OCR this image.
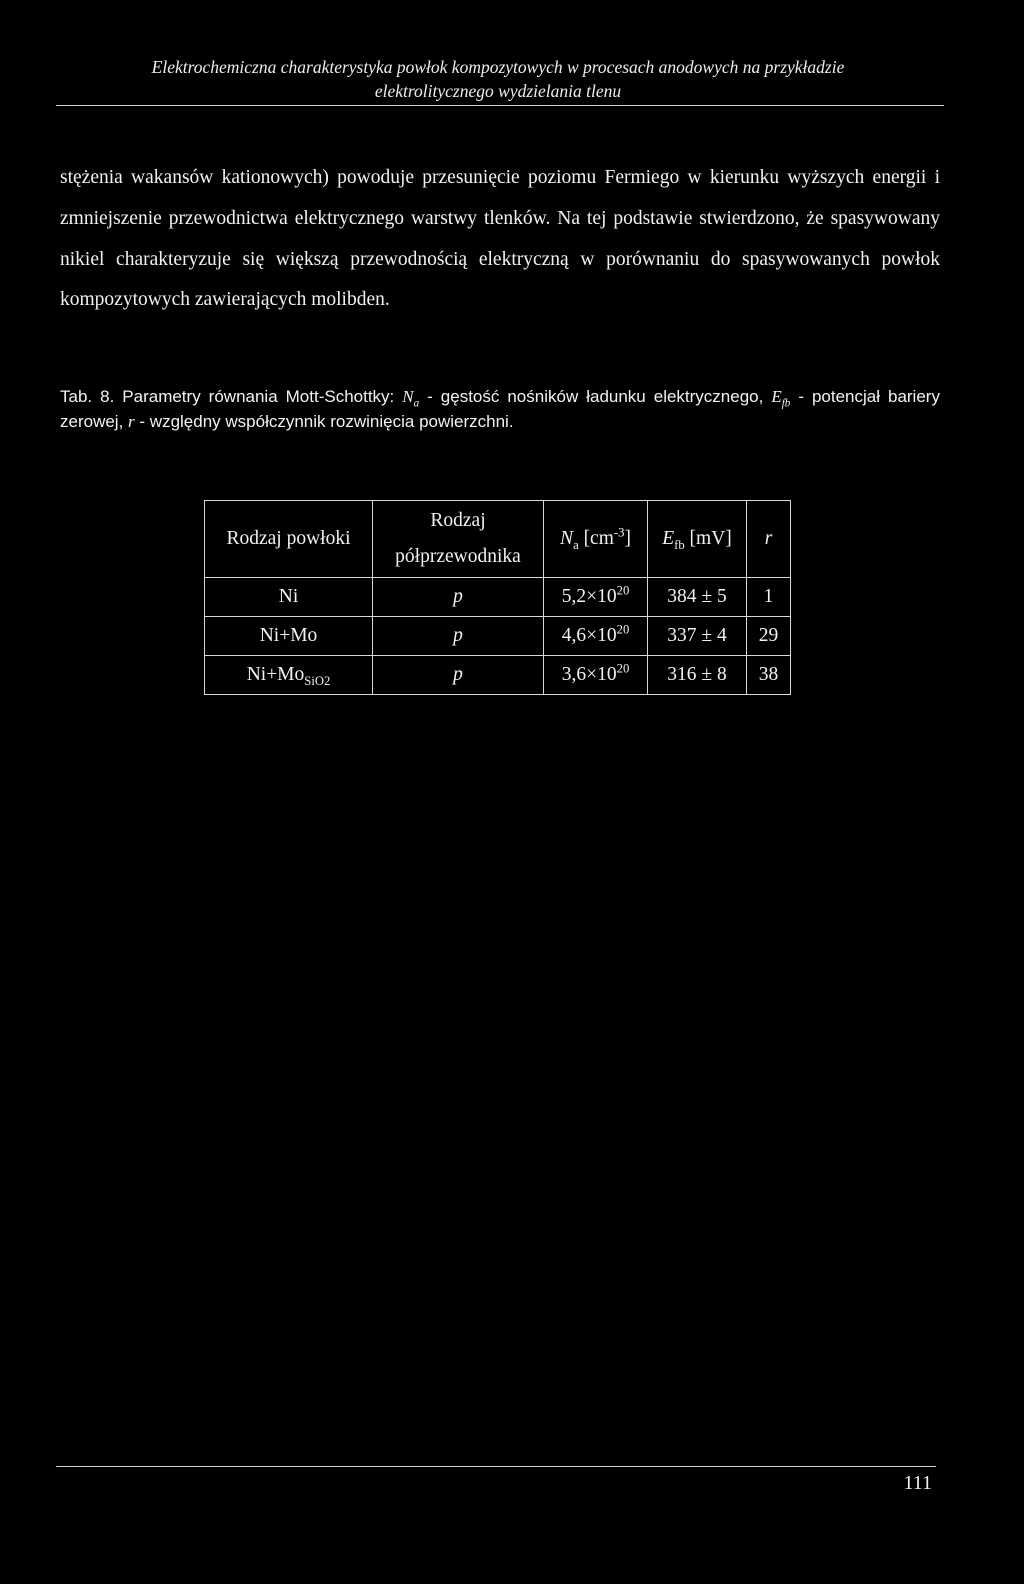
Elektrochemiczna charakterystyka powłok kompozytowych w procesach anodowych na przykładzie
elektrolitycznego wydzielania tlenu

stężenia wakansów kationowych) powoduje przesunięcie poziomu Fermiego w kierunku wyższych energii i zmniejszenie przewodnictwa elektrycznego warstwy tlenków. Na tej podstawie stwierdzono, że spasywowany nikiel charakteryzuje się większą przewodnością elektryczną w porównaniu do spasywowanych powłok kompozytowych zawierających molibden.

Tab. 8. Parametry równania Mott-Schottky: $N_a$ - gęstość nośników ładunku elektrycznego, $E_{fb}$ - potencjał bariery zerowej, r - względny współczynnik rozwinięcia powierzchni.

Rodzaj powłoki	Rodzaj półprzewodnika	$N_a$ $[cm^{-3}]$	$E_{fb}$ [mV]	r
Ni	p	$5,2\times 10^{20}$	384 ± 5	1
Ni+Mo	p	$4,6\times 10^{20}$	337 ± 4	29
$Ni+Mo_{SiO2}$	p	$3,6\times 10^{20}$	316 ± 8	38
111
